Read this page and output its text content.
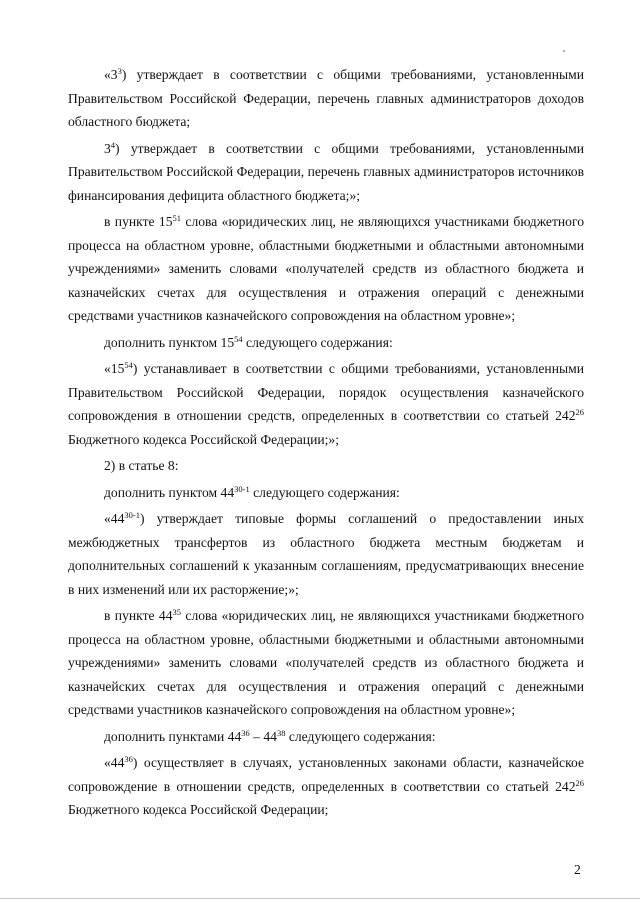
«$3^3$) утверждает в соответствии с общими требованиями, установленными Правительством Российской Федерации, перечень главных администраторов доходов областного бюджета;

$3^4$) утверждает в соответствии с общими требованиями, установленными Правительством Российской Федерации, перечень главных администраторов источников финансирования дефицита областного бюджета;»;

в пункте $15^{51}$ слова «юридических лиц, не являющихся участниками бюджетного процесса на областном уровне, областными бюджетными и областными автономными учреждениями» заменить словами «получателей средств из областного бюджета и казначейских счетах для осуществления и отражения операций с денежными средствами участников казначейского сопровождения на областном уровне»;

дополнить пунктом $15^{54}$ следующего содержания:

«$15^{54}$) устанавливает в соответствии с общими требованиями, установленными Правительством Российской Федерации, порядок осуществления казначейского сопровождения в отношении средств, определенных в соответствии со статьей $242^{26}$ Бюджетного кодекса Российской Федерации;»;

2) в статье 8:

дополнить пунктом 44$^{30-1}$ следующего содержания:

«44$^{30-1}$) утверждает типовые формы соглашений о предоставлении иных межбюджетных трансфертов из областного бюджета местным бюджетам и дополнительных соглашений к указанным соглашениям, предусматривающих внесение в них изменений или их расторжение;»;

в пункте $44^{35}$ слова «юридических лиц, не являющихся участниками бюджетного процесса на областном уровне, областными бюджетными и областными автономными учреждениями» заменить словами «получателей средств из областного бюджета и казначейских счетах для осуществления и отражения операций с денежными средствами участников казначейского сопровождения на областном уровне»;

дополнить пунктами $44^{36} - 44^{38}$ следующего содержания:

«$44^{36}$) осуществляет в случаях, установленных законами области, казначейское сопровождение в отношении средств, определенных в соответствии со статьей $242^{26}$ Бюджетного кодекса Российской Федерации;

2
